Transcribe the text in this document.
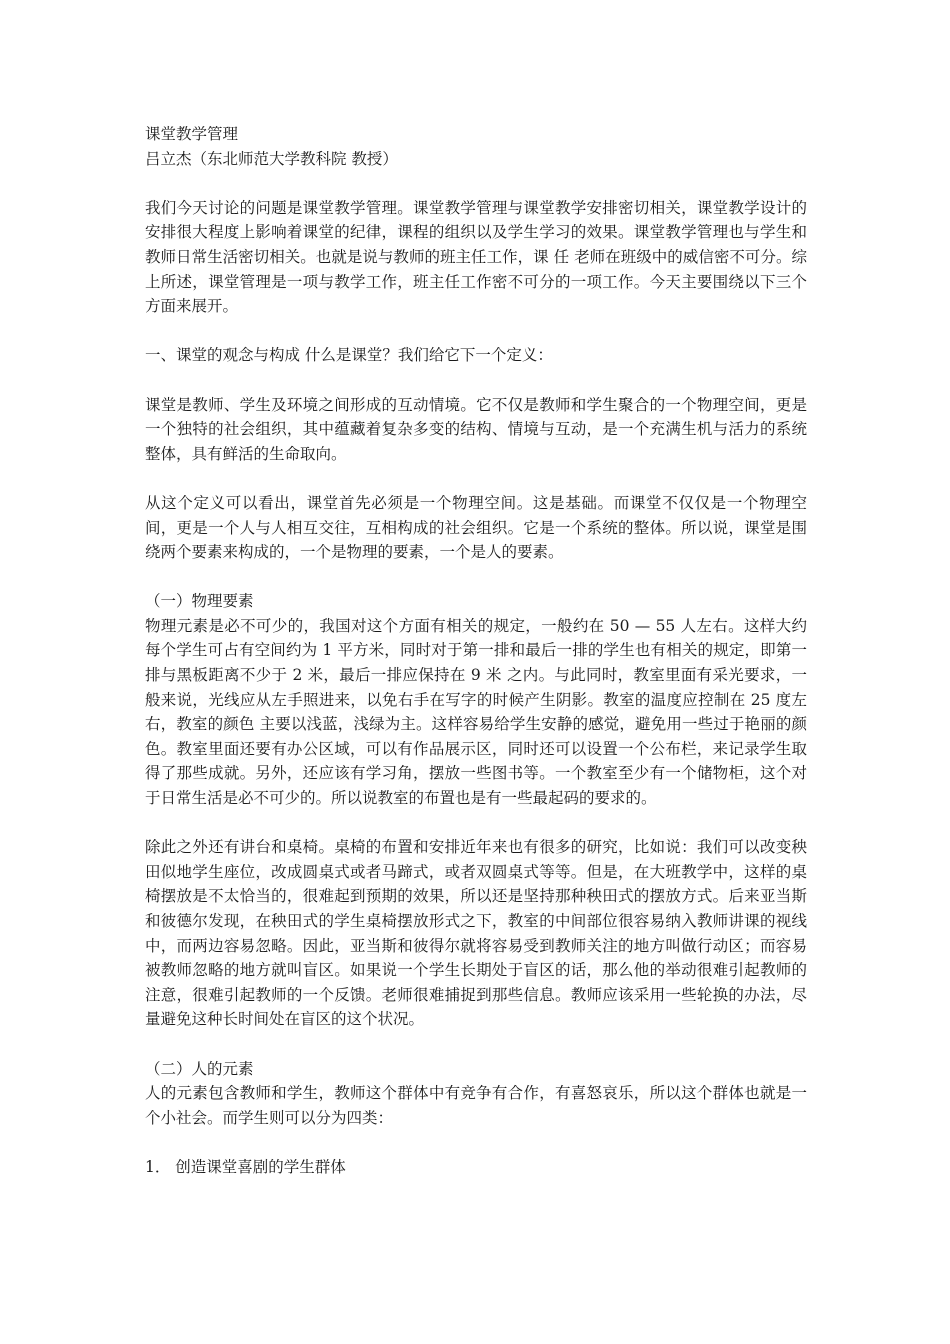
课堂教学管理

吕立杰（东北师范大学教科院 教授）

我们今天讨论的问题是课堂教学管理。课堂教学管理与课堂教学安排密切相关，课堂教学设计的安排很大程度上影响着课堂的纪律，课程的组织以及学生学习的效果。课堂教学管理也与学生和教师日常生活密切相关。也就是说与教师的班主任工作，课 任 老师在班级中的威信密不可分。综上所述，课堂管理是一项与教学工作，班主任工作密不可分的一项工作。今天主要围绕以下三个方面来展开。

一、课堂的观念与构成 什么是课堂？我们给它下一个定义：

课堂是教师、学生及环境之间形成的互动情境。它不仅是教师和学生聚合的一个物理空间，更是一个独特的社会组织，其中蕴藏着复杂多变的结构、情境与互动，是一个充满生机与活力的系统整体，具有鲜活的生命取向。

从这个定义可以看出，课堂首先必须是一个物理空间。这是基础。而课堂不仅仅是一个物理空间，更是一个人与人相互交往，互相构成的社会组织。它是一个系统的整体。所以说，课堂是围绕两个要素来构成的，一个是物理的要素，一个是人的要素。

（一）物理要素

物理元素是必不可少的，我国对这个方面有相关的规定，一般约在 50 — 55 人左右。这样大约每个学生可占有空间约为 1 平方米，同时对于第一排和最后一排的学生也有相关的规定，即第一排与黑板距离不少于 2 米，最后一排应保持在 9 米 之内。与此同时，教室里面有采光要求，一般来说，光线应从左手照进来，以免右手在写字的时候产生阴影。教室的温度应控制在 25 度左右，教室的颜色 主要以浅蓝，浅绿为主。这样容易给学生安静的感觉，避免用一些过于艳丽的颜色。教室里面还要有办公区域，可以有作品展示区，同时还可以设置一个公布栏，来记录学生取得了那些成就。另外，还应该有学习角，摆放一些图书等。一个教室至少有一个储物柜，这个对于日常生活是必不可少的。所以说教室的布置也是有一些最起码的要求的。

除此之外还有讲台和桌椅。桌椅的布置和安排近年来也有很多的研究，比如说：我们可以改变秧田似地学生座位，改成圆桌式或者马蹄式，或者双圆桌式等等。但是，在大班教学中，这样的桌椅摆放是不太恰当的，很难起到预期的效果，所以还是坚持那种秧田式的摆放方式。后来亚当斯和彼德尔发现，在秧田式的学生桌椅摆放形式之下，教室的中间部位很容易纳入教师讲课的视线中，而两边容易忽略。因此，亚当斯和彼得尔就将容易受到教师关注的地方叫做行动区；而容易被教师忽略的地方就叫盲区。如果说一个学生长期处于盲区的话，那么他的举动很难引起教师的注意，很难引起教师的一个反馈。老师很难捕捉到那些信息。教师应该采用一些轮换的办法，尽量避免这种长时间处在盲区的这个状况。

（二）人的元素

人的元素包含教师和学生，教师这个群体中有竞争有合作，有喜怒哀乐，所以这个群体也就是一个小社会。而学生则可以分为四类：

1． 创造课堂喜剧的学生群体
